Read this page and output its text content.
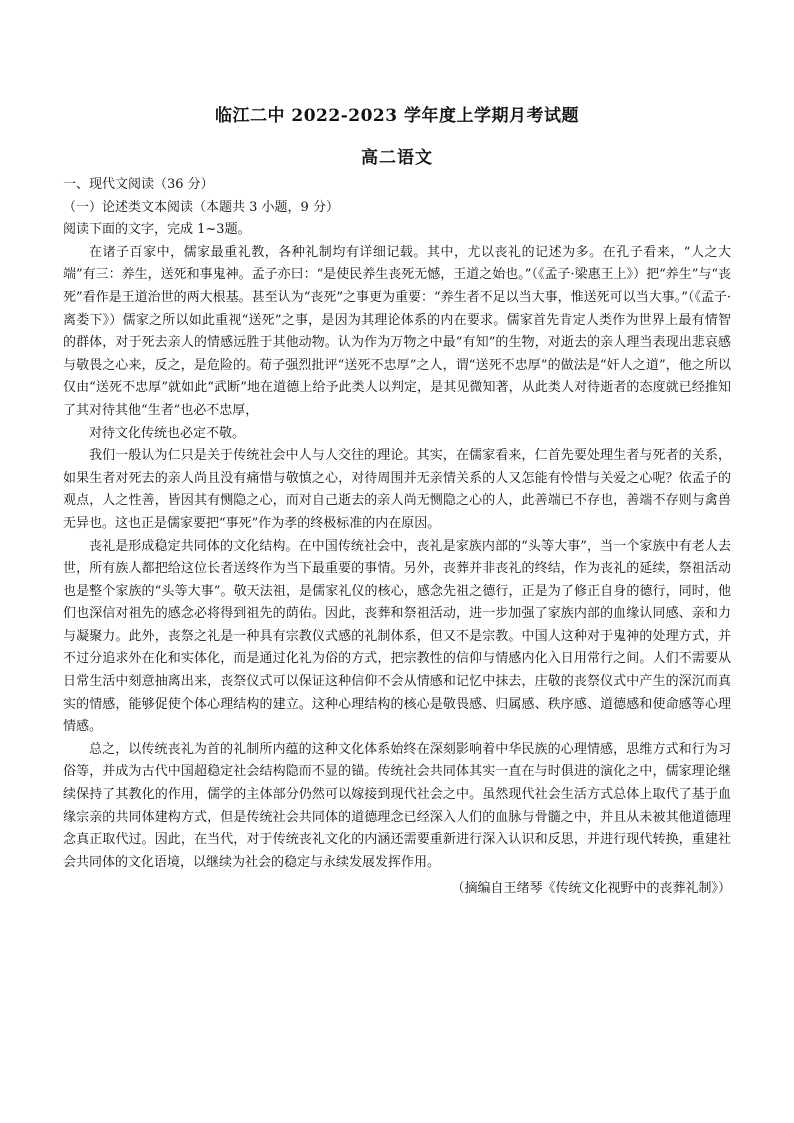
临江二中 2022-2023 学年度上学期月考试题
高二语文

一、现代文阅读（36 分）

（一）论述类文本阅读（本题共 3 小题，9 分）

阅读下面的文字，完成 1~3题。

在诸子百家中，儒家最重礼教，各种礼制均有详细记载。其中，尤以丧礼的记述为多。在孔子看来，“人之大端”有三：养生，送死和事鬼神。孟子亦曰：“是使民养生丧死无憾，王道之始也。”（《孟子·梁惠王上》）把“养生”与“丧死”看作是王道治世的两大根基。甚至认为“丧死”之事更为重要：“养生者不足以当大事，惟送死可以当大事。”（《孟子·离娄下》）儒家之所以如此重视“送死”之事，是因为其理论体系的内在要求。儒家首先肯定人类作为世界上最有情智的群体，对于死去亲人的情感远胜于其他动物。认为作为万物之中最“有知”的生物，对逝去的亲人理当表现出悲哀感与敬畏之心来，反之，是危险的。荀子强烈批评“送死不忠厚”之人，谓“送死不忠厚”的做法是“奸人之道”，他之所以仅由“送死不忠厚”就如此“武断”地在道德上给予此类人以判定，是其见微知著，从此类人对待逝者的态度就已经推知了其对待其他“生者”也必不忠厚，

对待文化传统也必定不敬。

我们一般认为仁只是关于传统社会中人与人交往的理论。其实，在儒家看来，仁首先要处理生者与死者的关系，如果生者对死去的亲人尚且没有痛惜与敬慎之心，对待周围并无亲情关系的人又怎能有怜惜与关爱之心呢？依孟子的观点，人之性善，皆因其有恻隐之心，而对自己逝去的亲人尚无恻隐之心的人，此善端已不存也，善端不存则与禽兽无异也。这也正是儒家要把“事死”作为孝的终极标准的内在原因。

丧礼是形成稳定共同体的文化结构。在中国传统社会中，丧礼是家族内部的“头等大事”，当一个家族中有老人去世，所有族人都把给这位长者送终作为当下最重要的事情。另外，丧葬并非丧礼的终结，作为丧礼的延续，祭祖活动也是整个家族的“头等大事”。敬天法祖，是儒家礼仪的核心，感念先祖之德行，正是为了修正自身的德行，同时，他们也深信对祖先的感念必将得到祖先的荫佑。因此，丧葬和祭祖活动，进一步加强了家族内部的血缘认同感、亲和力与凝聚力。此外，丧祭之礼是一种具有宗教仪式感的礼制体系，但又不是宗教。中国人这种对于鬼神的处理方式，并不过分追求外在化和实体化，而是通过化礼为俗的方式，把宗教性的信仰与情感内化入日用常行之间。人们不需要从日常生活中刻意抽离出来，丧祭仪式可以保证这种信仰不会从情感和记忆中抹去，庄敬的丧祭仪式中产生的深沉而真实的情感，能够促使个体心理结构的建立。这种心理结构的核心是敬畏感、归属感、秩序感、道德感和使命感等心理情感。

总之，以传统丧礼为首的礼制所内蕴的这种文化体系始终在深刻影响着中华民族的心理情感，思维方式和行为习俗等，并成为古代中国超稳定社会结构隐而不显的锚。传统社会共同体其实一直在与时俱进的演化之中，儒家理论继续保持了其教化的作用，儒学的主体部分仍然可以嫁接到现代社会之中。虽然现代社会生活方式总体上取代了基于血缘宗亲的共同体建构方式，但是传统社会共同体的道德理念已经深入人们的血脉与骨髓之中，并且从未被其他道德理念真正取代过。因此，在当代，对于传统丧礼文化的内涵还需要重新进行深入认识和反思，并进行现代转换，重建社会共同体的文化语境，以继续为社会的稳定与永续发展发挥作用。

（摘编自王绪琴《传统文化视野中的丧葬礼制》）
